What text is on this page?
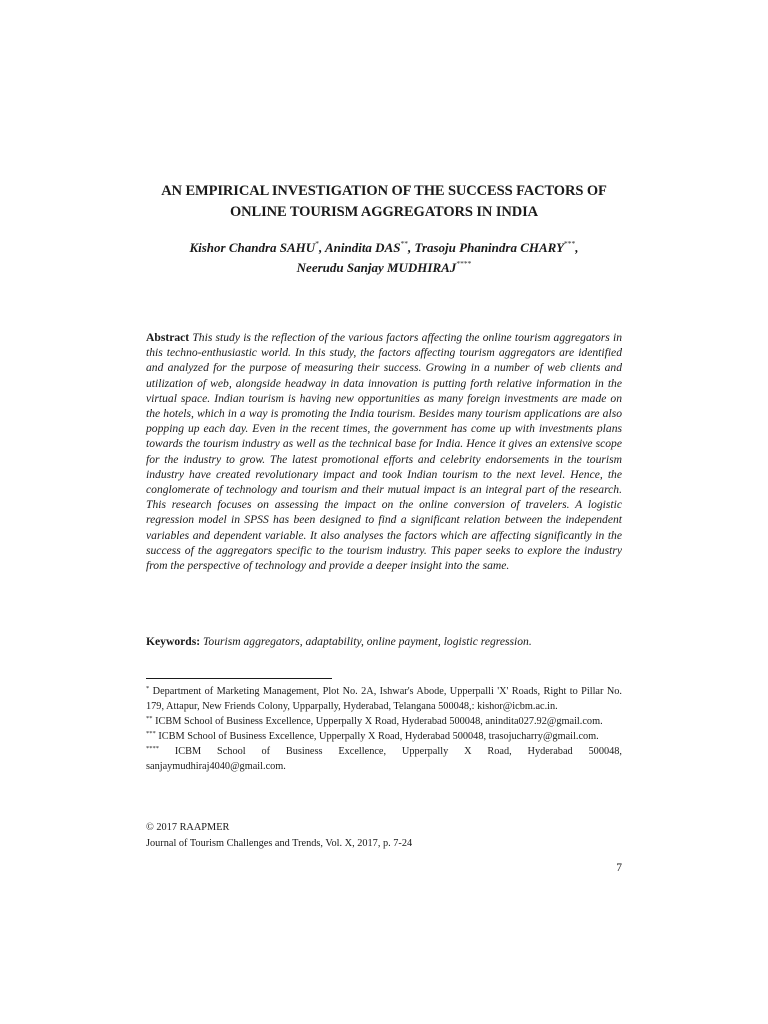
AN EMPIRICAL INVESTIGATION OF THE SUCCESS FACTORS OF
ONLINE TOURISM AGGREGATORS IN INDIA
Kishor Chandra SAHU*, Anindita DAS**, Trasoju Phanindra CHARY***,
Neerudu Sanjay MUDHIRAJ****
Abstract This study is the reflection of the various factors affecting the online tourism aggregators in this techno-enthusiastic world. In this study, the factors affecting tourism aggregators are identified and analyzed for the purpose of measuring their success. Growing in a number of web clients and utilization of web, alongside headway in data innovation is putting forth relative information in the virtual space. Indian tourism is having new opportunities as many foreign investments are made on the hotels, which in a way is promoting the India tourism. Besides many tourism applications are also popping up each day. Even in the recent times, the government has come up with investments plans towards the tourism industry as well as the technical base for India. Hence it gives an extensive scope for the industry to grow. The latest promotional efforts and celebrity endorsements in the tourism industry have created revolutionary impact and took Indian tourism to the next level. Hence, the conglomerate of technology and tourism and their mutual impact is an integral part of the research. This research focuses on assessing the impact on the online conversion of travelers. A logistic regression model in SPSS has been designed to find a significant relation between the independent variables and dependent variable. It also analyses the factors which are affecting significantly in the success of the aggregators specific to the tourism industry. This paper seeks to explore the industry from the perspective of technology and provide a deeper insight into the same.
Keywords: Tourism aggregators, adaptability, online payment, logistic regression.

* Department of Marketing Management, Plot No. 2A, Ishwar's Abode, Upperpalli 'X' Roads, Right to Pillar No. 179, Attapur, New Friends Colony, Upparpally, Hyderabad, Telangana 500048,: kishor@icbm.ac.in.

** ICBM School of Business Excellence, Upperpally X Road, Hyderabad 500048, anindita027.92@gmail.com.

*** ICBM School of Business Excellence, Upperpally X Road, Hyderabad 500048, trasojucharry@gmail.com.

**** ICBM School of Business Excellence, Upperpally X Road, Hyderabad 500048, sanjaymudhiraj4040@gmail.com.

© 2017 RAAPMER
Journal of Tourism Challenges and Trends, Vol. X, 2017, p. 7-24
7
